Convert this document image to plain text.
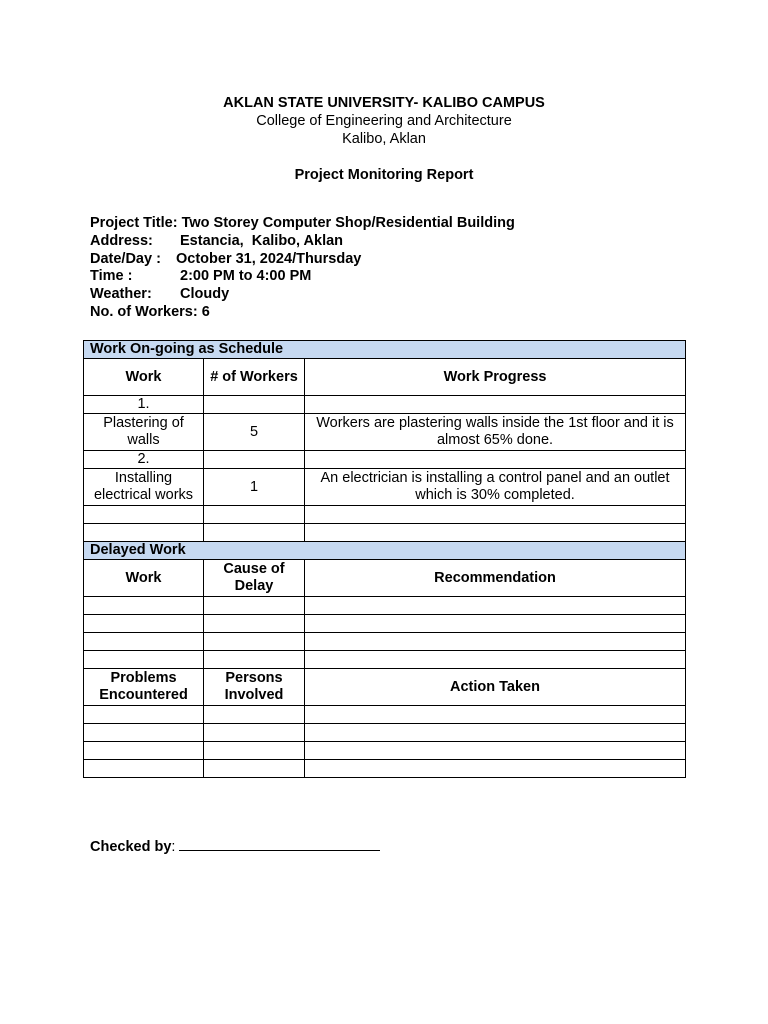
AKLAN STATE UNIVERSITY- KALIBO CAMPUS
College of Engineering and Architecture
Kalibo, Aklan
Project Monitoring Report
Project Title: Two Storey Computer Shop/Residential Building
Address: Estancia,  Kalibo, Aklan
Date/Day : October 31, 2024/Thursday
Time :	2:00 PM to 4:00 PM
Weather: Cloudy
No. of Workers: 6
Work On-going as Schedule		
Work	# of Workers	Work Progress
1.		
Plastering of walls	5	Workers are plastering walls inside the 1st floor and it is almost 65% done.
2.		
Installing electrical works	1	An electrician is installing a control panel and an outlet which is 30% completed.

Delayed Work		
Work	Cause of Delay	Recommendation

Problems Encountered	Persons Involved	Action Taken

Checked by:
